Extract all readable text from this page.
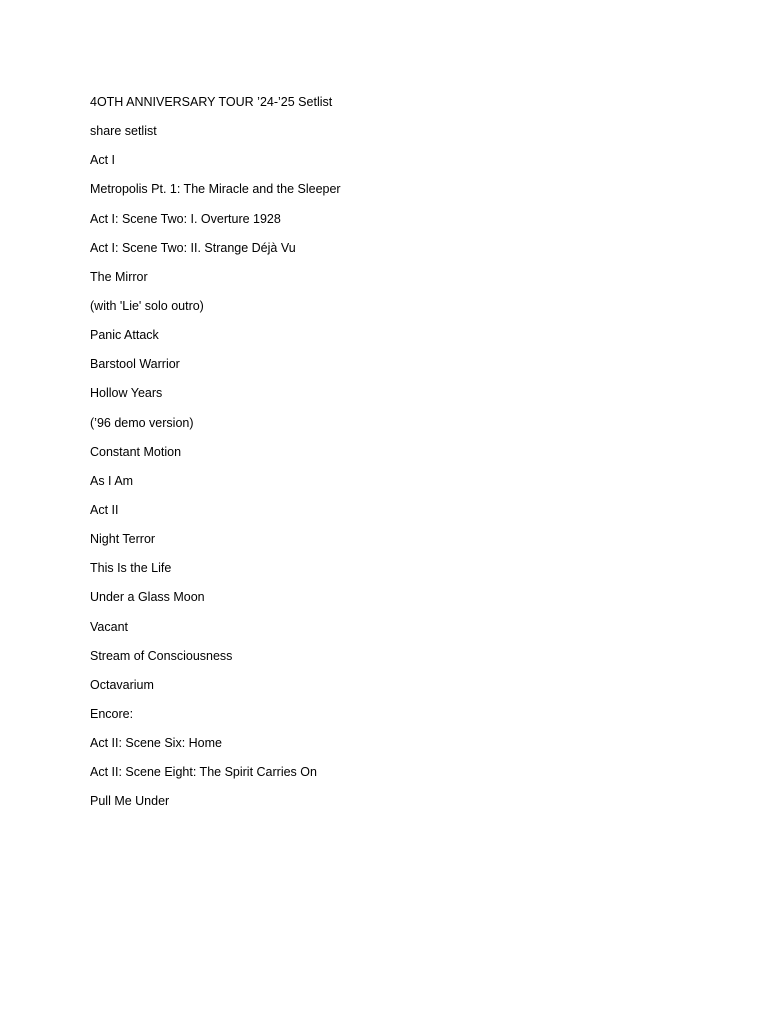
4OTH ANNIVERSARY TOUR ’24-’25 Setlist
share setlist
Act I
Metropolis Pt. 1: The Miracle and the Sleeper
Act I: Scene Two: I. Overture 1928
Act I: Scene Two: II. Strange Déjà Vu
The Mirror
(with 'Lie' solo outro)
Panic Attack
Barstool Warrior
Hollow Years
(’96 demo version)
Constant Motion
As I Am
Act II
Night Terror
This Is the Life
Under a Glass Moon
Vacant
Stream of Consciousness
Octavarium
Encore:
Act II: Scene Six: Home
Act II: Scene Eight: The Spirit Carries On
Pull Me Under
